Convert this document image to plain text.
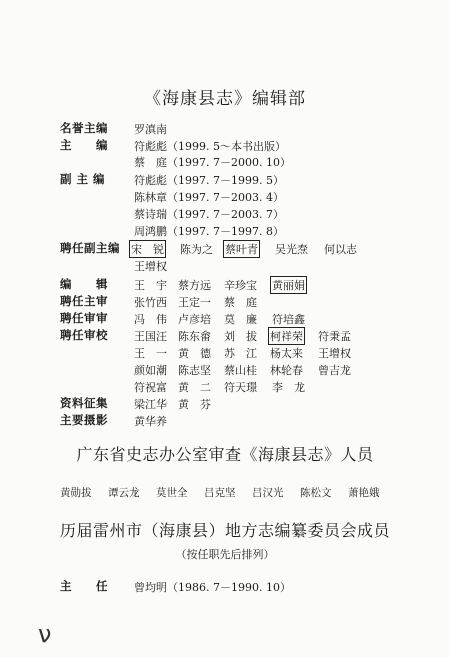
《海康县志》编辑部
名誉主编 罗滇南
主　　编 符彪彪（1999. 5～本书出版）
蔡　庭（1997. 7－2000. 10）
副 主 编	符彪彪（1997. 7－1999. 5）
陈林章（1997. 7－2003. 4）
蔡诗瑞（1997. 7－2003. 7）
周鸿鹏（1997. 7－1997. 8）
聘任副主编 宋　锐 陈为之 蔡叶青 吴光焘 何以志
王增权
编　　辑 王　宇 蔡方远 辛珍宝 黄丽娟
聘任主审 张竹西 王定一 蔡　庭
聘任审审 冯　伟 卢彦培 莫　廉 符培鑫
聘任审校 王国汪 陈东畲 刘　拔 柯祥荣 符秉孟
王　一 黄　德 苏　江 杨太来 王增权
颜如潮 陈志坚 蔡山桂 林轮春 曾吉龙
符祝富 黄　二 符天璟 李　龙
资料征集 梁江华 黄　芬
主要摄影 黄华养
广东省史志办公室审查《海康县志》人员
黄勋拔 谭云龙 莫世全 吕克坚 吕汉光 陈松文 萧艳娥
历届雷州市（海康县）地方志编纂委员会成员
（按任职先后排列）
主　　任 曾均明（1986. 7－1990. 10）
ν
